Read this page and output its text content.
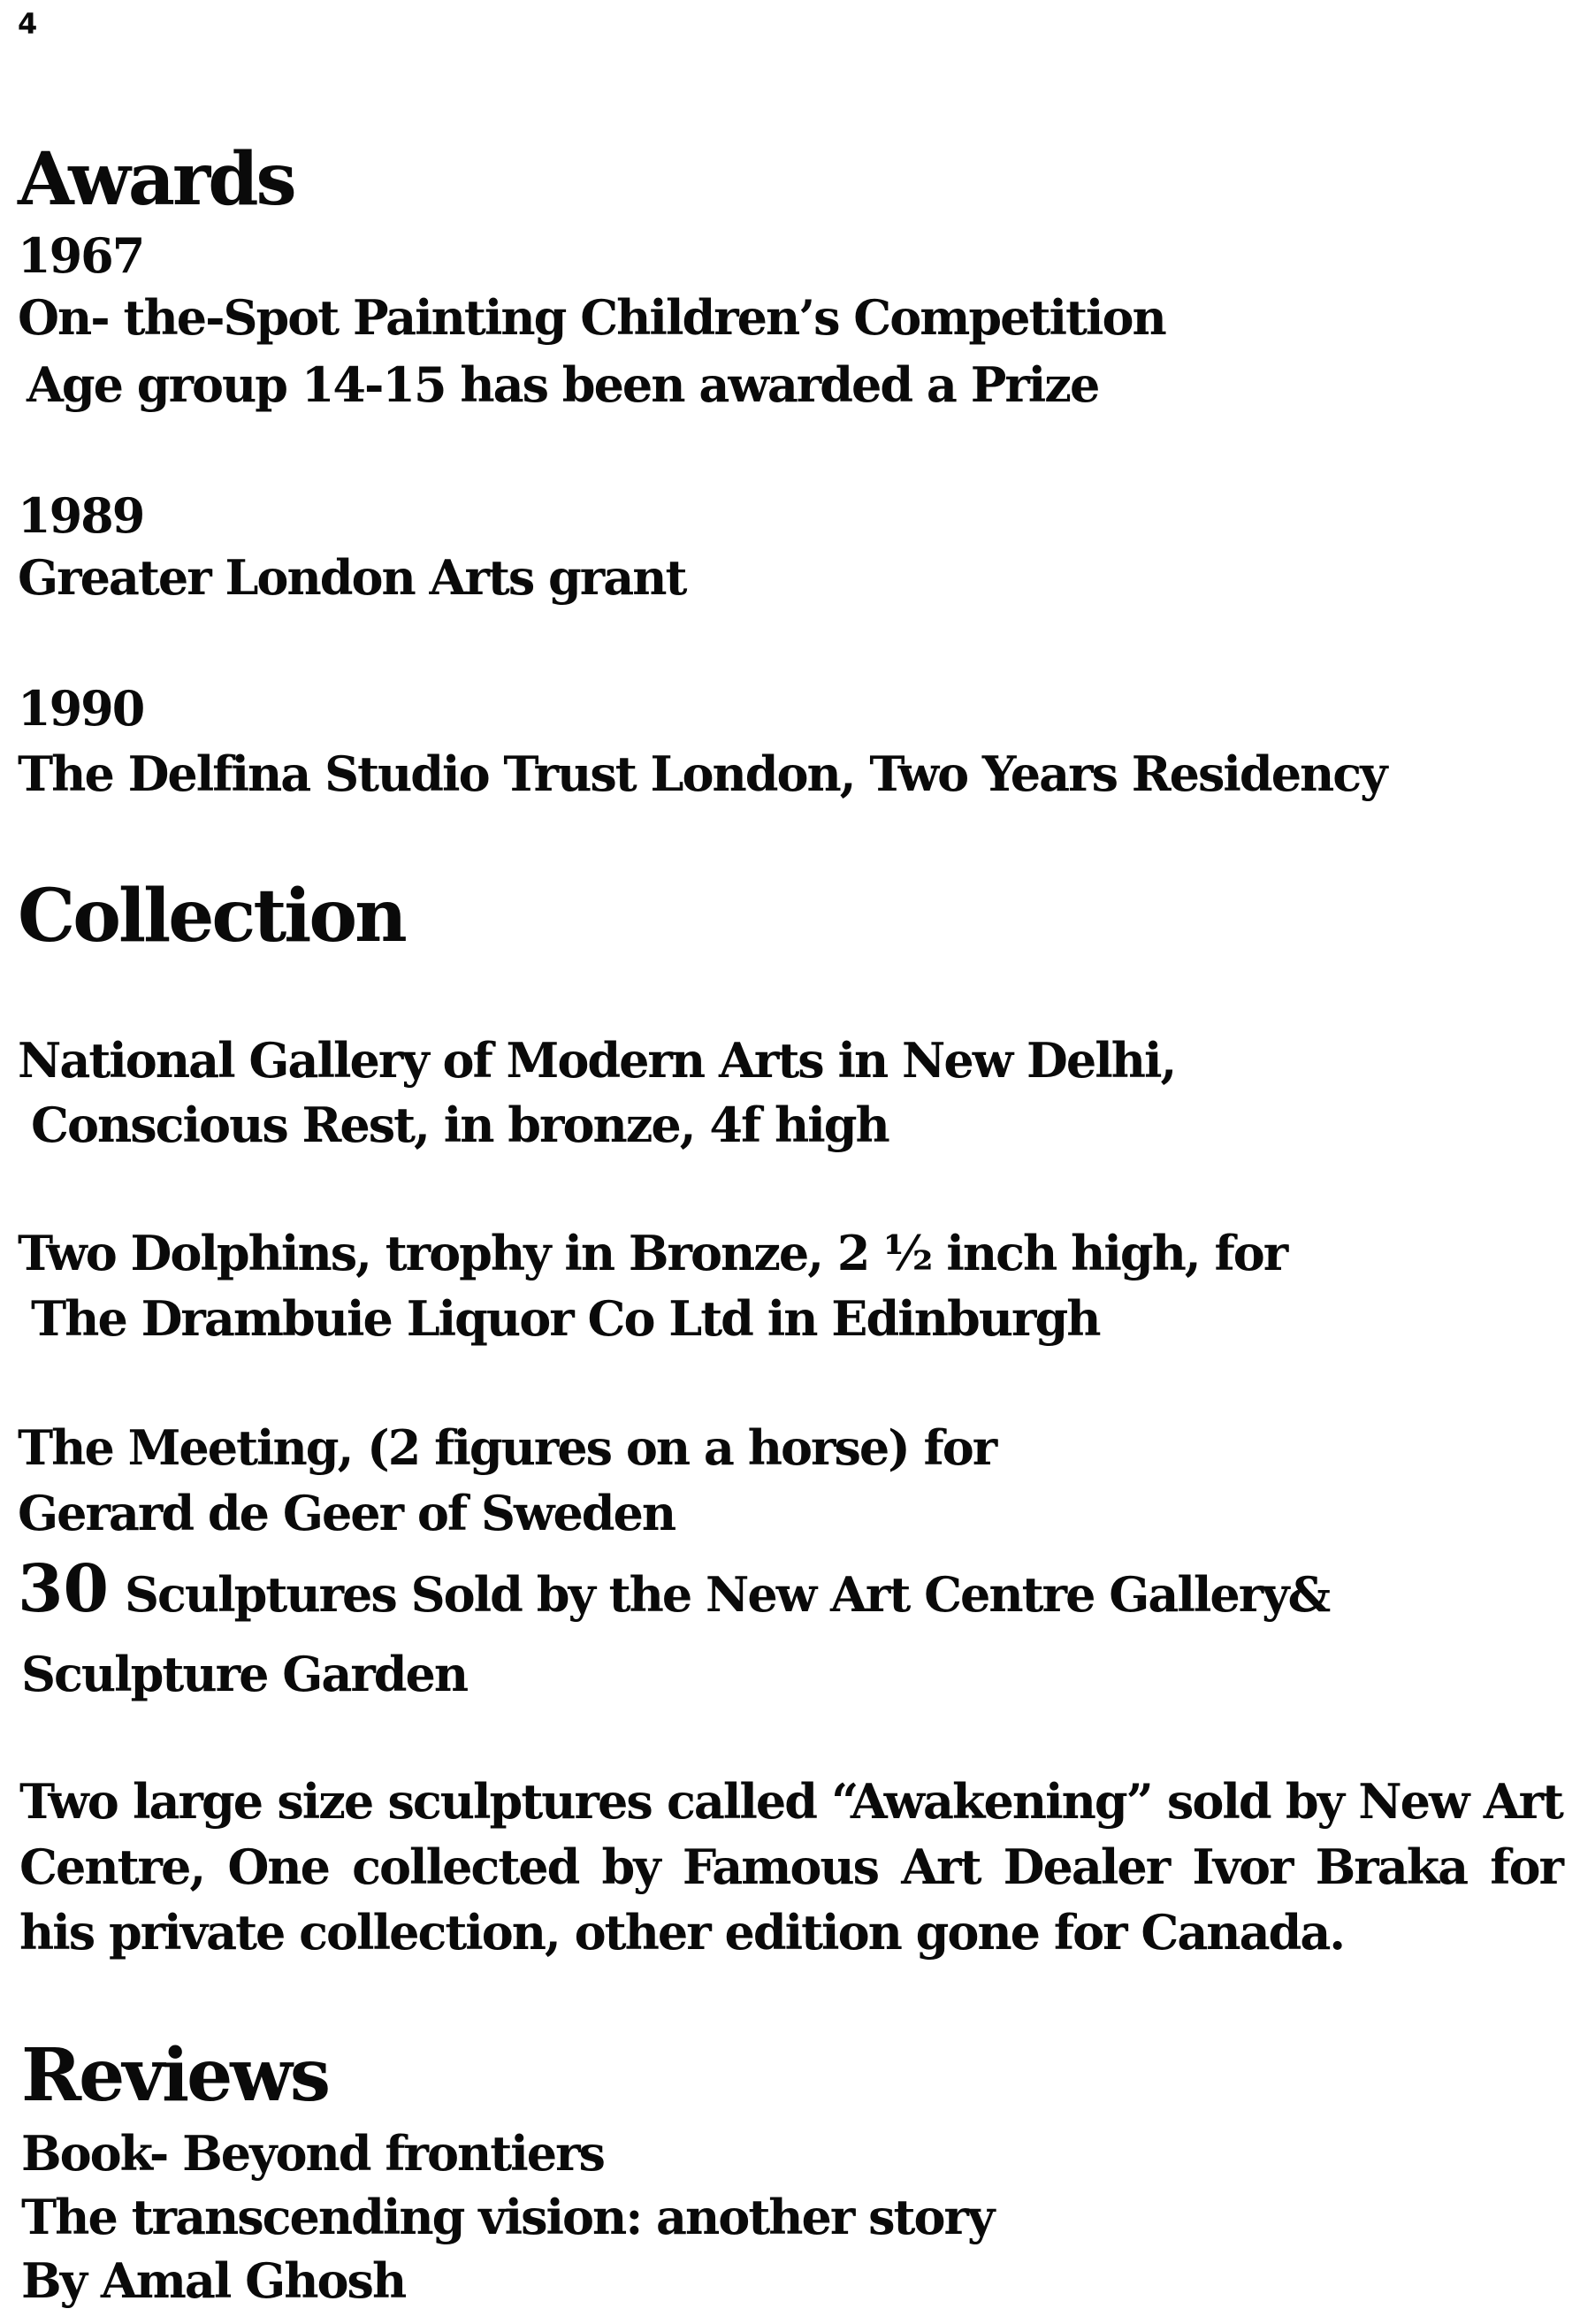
4
Awards
1967
On- the-Spot Painting Children’s Competition
Age group 14-15 has been awarded a Prize
1989
Greater London Arts grant
1990
The Delfina Studio Trust London, Two Years Residency
Collection
National Gallery of Modern Arts in New Delhi,
Conscious Rest, in bronze, 4f high
Two Dolphins, trophy in Bronze, 2 ½ inch high, for
The Drambuie Liquor Co Ltd in Edinburgh
The Meeting, (2 figures on a horse) for
Gerard de Geer of Sweden
30 Sculptures Sold by the New Art Centre Gallery&
Sculpture Garden
Two large size sculptures called “Awakening” sold by New Art Centre, One collected by Famous Art Dealer Ivor Braka for his private collection, other edition gone for Canada.
Reviews
Book- Beyond frontiers
The transcending vision: another story
By Amal Ghosh
